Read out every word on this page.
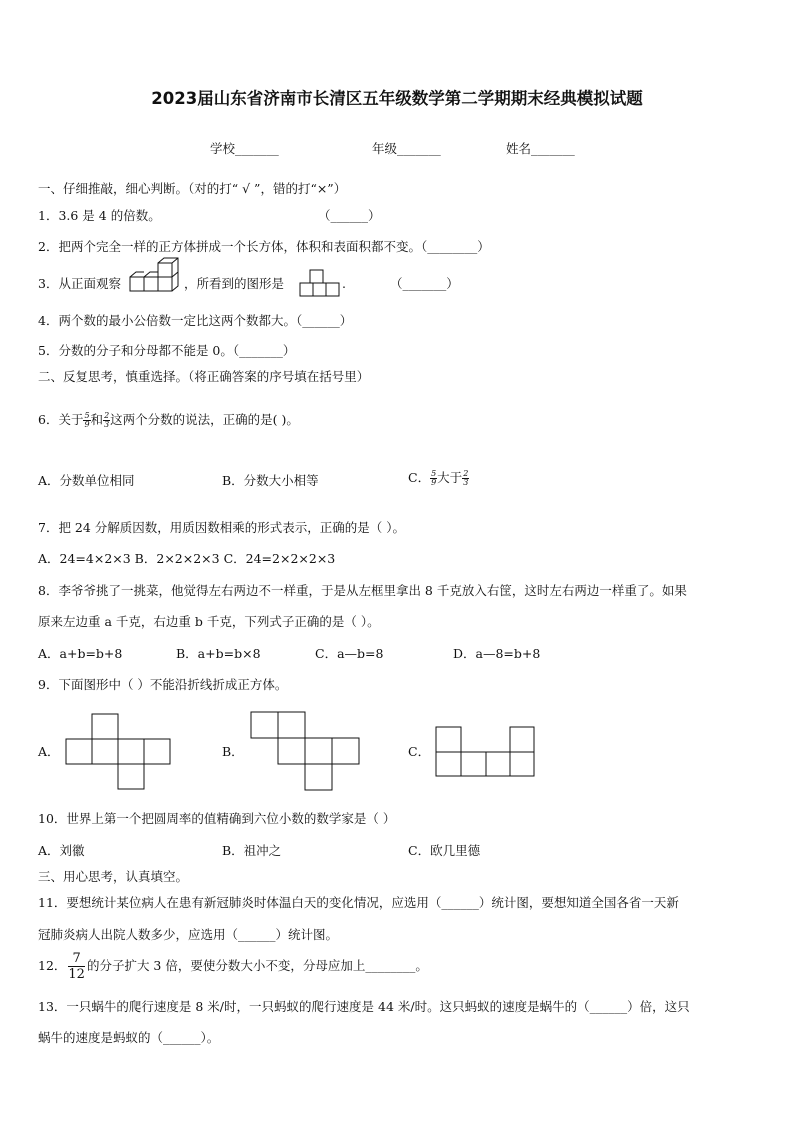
2023届山东省济南市长清区五年级数学第二学期期末经典模拟试题
学校_______	年级_______	姓名_______
一、仔细推敲，细心判断。（对的打“ √ ”，错的打“×”）
1．3.6 是 4 的倍数。	（______）
2．把两个完全一样的正方体拼成一个长方体，体积和表面积都不变。（________）
3．从正面观察	，所看到的图形是	.	（_______）
4．两个数的最小公倍数一定比这两个数都大。（______）
5．分数的分子和分母都不能是 0。（_______）
二、反复思考，慎重选择。（将正确答案的序号填在括号里）
6．关于 $\frac{5}{9}$ 和 $\frac{2}{3}$ 这两个分数的说法，正确的是( )。
A．分数单位相同	B．分数大小相等	C． $\frac{5}{9}$ 大于 $\frac{2}{3}$
7．把 24 分解质因数，用质因数相乘的形式表示，正确的是（ ）。
A．24=4×2×3 B．2×2×2×3 C．24=2×2×2×3
8．李爷爷挑了一挑菜，他觉得左右两边不一样重，于是从左框里拿出 8 千克放入右筐，这时左右两边一样重了。如果
原来左边重 a 千克，右边重 b 千克，下列式子正确的是（ ）。
A．a+b=b+8	B．a+b=b×8	C．a—b=8	D．a—8=b+8
9．下面图形中（ ）不能沿折线折成正方体。
A．	B．	C．
10．世界上第一个把圆周率的值精确到六位小数的数学家是（ ）
A．刘徽	B．祖冲之	C．欧几里德
三、用心思考，认真填空。
11．要想统计某位病人在患有新冠肺炎时体温白天的变化情况，应选用（______）统计图，要想知道全国各省一天新
冠肺炎病人出院人数多少，应选用（______）统计图。
12． $\frac{7}{12}$ 的分子扩大 3 倍，要使分数大小不变，分母应加上________。
13．一只蜗牛的爬行速度是 8 米/时，一只蚂蚁的爬行速度是 44 米/时。这只蚂蚁的速度是蜗牛的（______）倍，这只
蜗牛的速度是蚂蚁的（______）。
